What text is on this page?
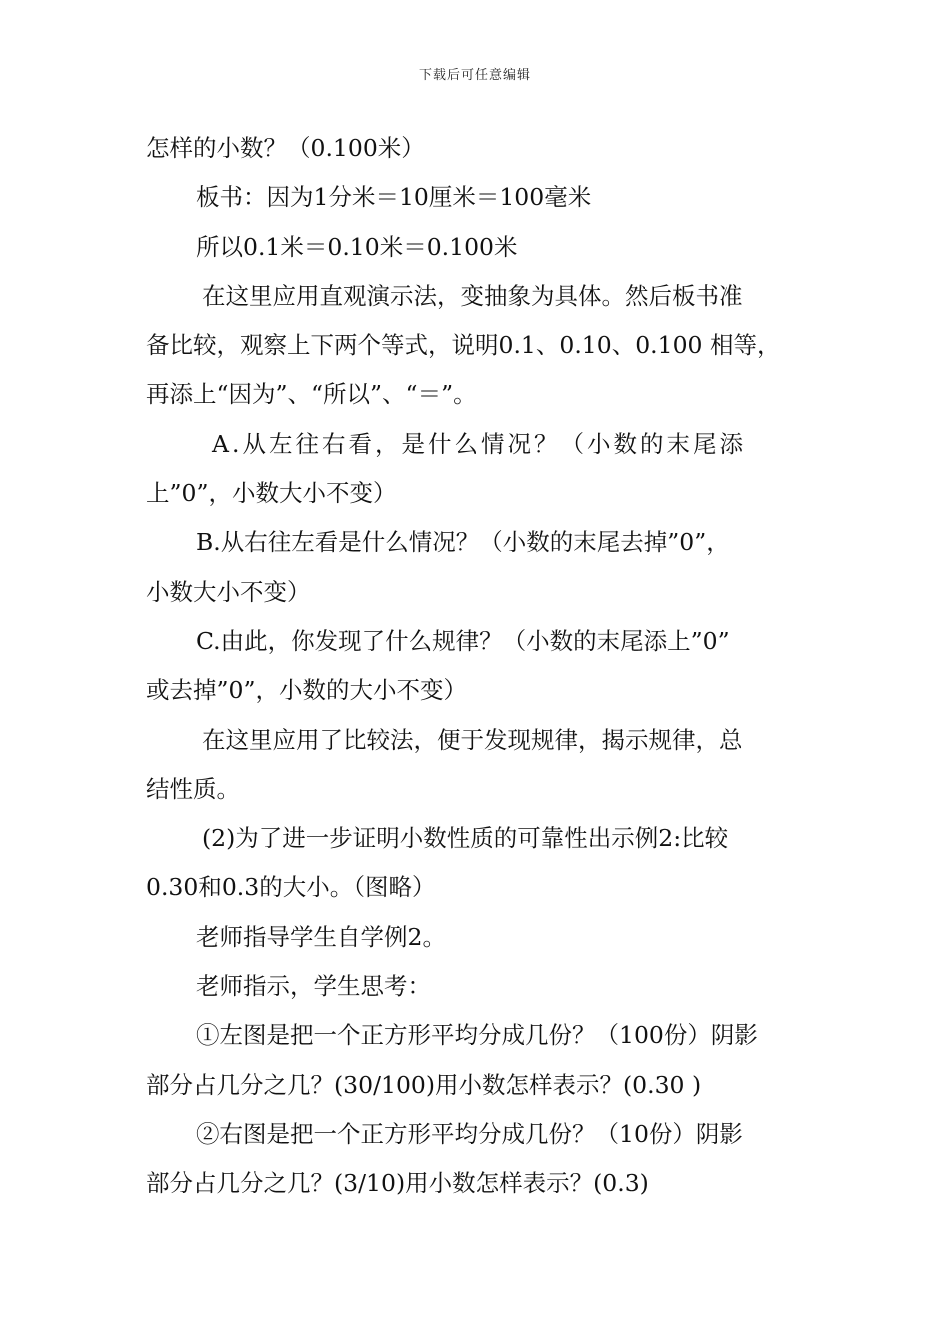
下载后可任意编辑
怎样的小数？（0.100米）
板书：因为1分米＝10厘米＝100毫米
所以0.1米＝0.10米＝0.100米
在这里应用直观演示法，变抽象为具体。然后板书准
备比较，观察上下两个等式，说明0.1、0.10、0.100 相等，
再添上“因为”、“所以”、“＝”。
A.从左往右看，是什么情况？（小数的末尾添
上”0”，小数大小不变）
B.从右往左看是什么情况？（小数的末尾去掉”0”，
小数大小不变）
C.由此，你发现了什么规律？（小数的末尾添上”0”
或去掉”0”，小数的大小不变）
在这里应用了比较法，便于发现规律，揭示规律，总
结性质。
(2)为了进一步证明小数性质的可靠性出示例2:比较
0.30和0.3的大小。（图略）
老师指导学生自学例2。
老师指示，学生思考：
①左图是把一个正方形平均分成几份？（100份）阴影
部分占几分之几？(30/100)用小数怎样表示？(0.30 )
②右图是把一个正方形平均分成几份？（10份）阴影
部分占几分之几？(3/10)用小数怎样表示？(0.3)
